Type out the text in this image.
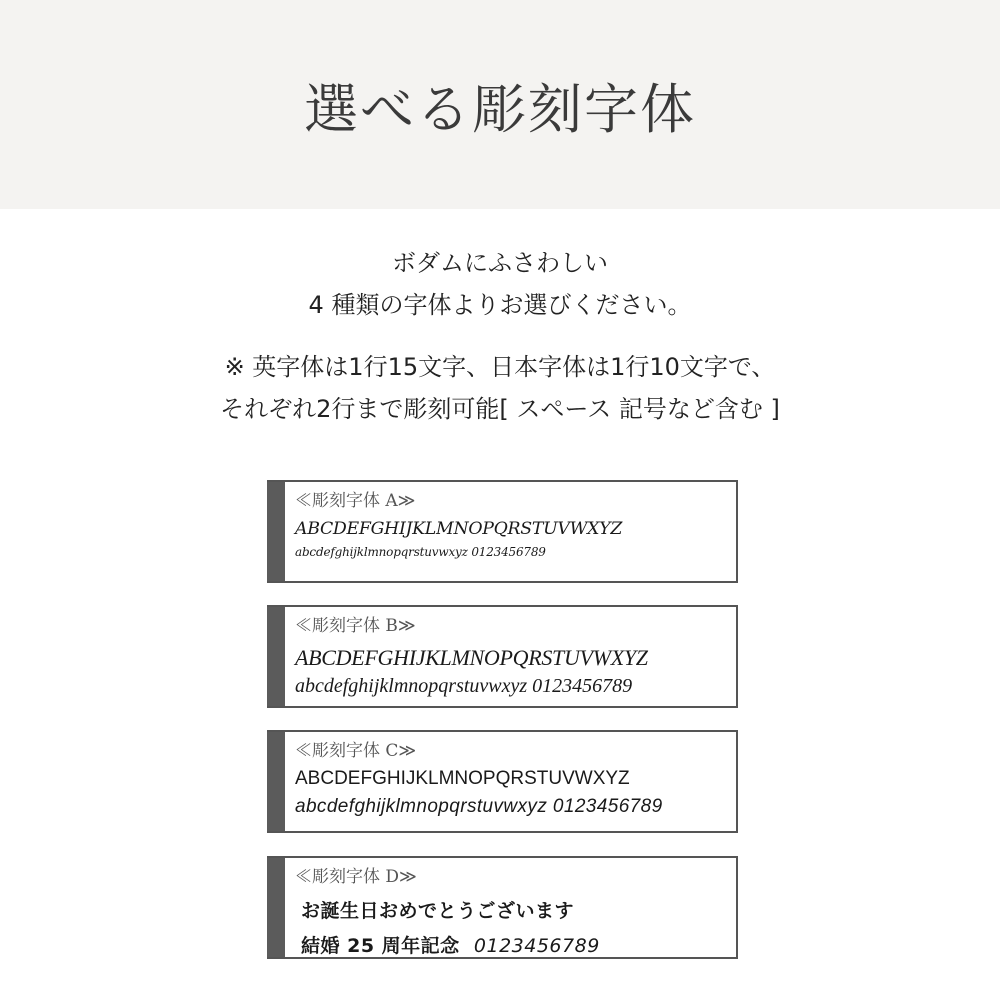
選べる彫刻字体
ボダムにふさわしい
4 種類の字体よりお選びください。
※ 英字体は1行15文字、日本字体は1行10文字で、
それぞれ2行まで彫刻可能[ スペース 記号など含む ]
≪彫刻字体 A≫
ABCDEFGHIJKLMNOPQRSTUVWXYZ
abcdefghijklmnopqrstuvwxyz 0123456789
≪彫刻字体 B≫
ABCDEFGHIJKLMNOPQRSTUVWXYZ
abcdefghijklmnopqrstuvwxyz 0123456789
≪彫刻字体 C≫
ABCDEFGHIJKLMNOPQRSTUVWXYZ
abcdefghijklmnopqrstuvwxyz 0123456789
≪彫刻字体 D≫
お誕生日おめでとうございます
結婚 25 周年記念 0123456789
